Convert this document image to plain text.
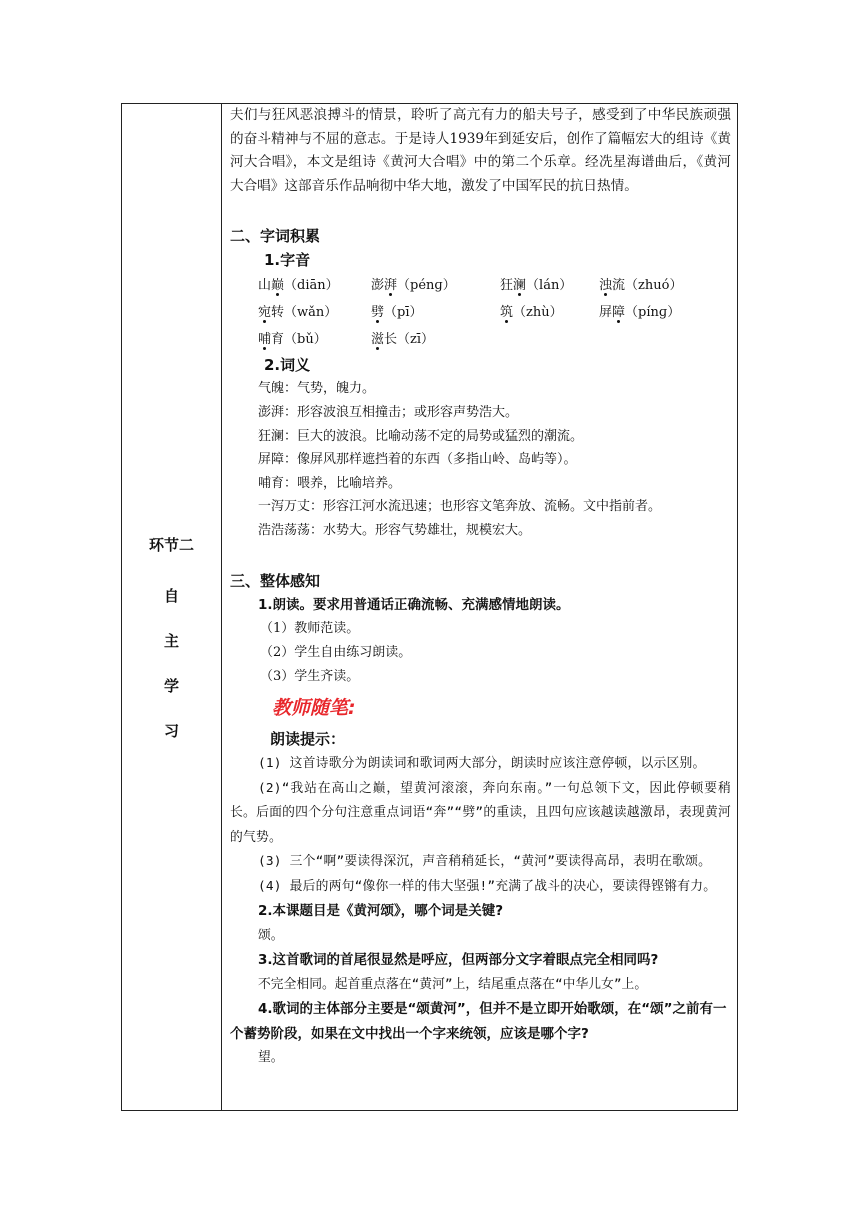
环节二
自
主
学
习

夫们与狂风恶浪搏斗的情景，聆听了高亢有力的船夫号子，感受到了中华民族顽强的奋斗精神与不屈的意志。于是诗人1939年到延安后，创作了篇幅宏大的组诗《黄河大合唱》，本文是组诗《黄河大合唱》中的第二个乐章。经冼星海谱曲后，《黄河大合唱》这部音乐作品响彻中华大地，激发了中国军民的抗日热情。

二、字词积累
1.字音
山巅（diān）	澎湃（pénɡ）	狂澜（lán）	浊流（zhuó）
宛转（wǎn）	劈（pī）	筑（zhù）	屏障（pínɡ）
哺育（bǔ）	滋长（zī）
2.词义
气魄：气势，魄力。
澎湃：形容波浪互相撞击；或形容声势浩大。
狂澜：巨大的波浪。比喻动荡不定的局势或猛烈的潮流。
屏障：像屏风那样遮挡着的东西（多指山岭、岛屿等）。
哺育：喂养，比喻培养。
一泻万丈：形容江河水流迅速；也形容文笔奔放、流畅。文中指前者。
浩浩荡荡：水势大。形容气势雄壮，规模宏大。
三、整体感知
1.朗读。要求用普通话正确流畅、充满感情地朗读。
（1）教师范读。
（2）学生自由练习朗读。
（3）学生齐读。
教师随笔:
朗读提示：

(1) 这首诗歌分为朗读词和歌词两大部分，朗读时应该注意停顿，以示区别。

(2)“我站在高山之巅，望黄河滚滚，奔向东南。”一句总领下文，因此停顿要稍长。后面的四个分句注意重点词语“奔”“劈”的重读，且四句应该越读越激昂，表现黄河的气势。

(3) 三个“啊”要读得深沉，声音稍稍延长，“黄河”要读得高昂，表明在歌颂。

(4) 最后的两句“像你一样的伟大坚强!”充满了战斗的决心，要读得铿锵有力。

2.本课题目是《黄河颂》，哪个词是关键?

颂。

3.这首歌词的首尾很显然是呼应，但两部分文字着眼点完全相同吗?

不完全相同。起首重点落在“黄河”上，结尾重点落在“中华儿女”上。

4.歌词的主体部分主要是“颂黄河”，但并不是立即开始歌颂，在“颂”之前有一个蓄势阶段，如果在文中找出一个字来统领，应该是哪个字?

望。
